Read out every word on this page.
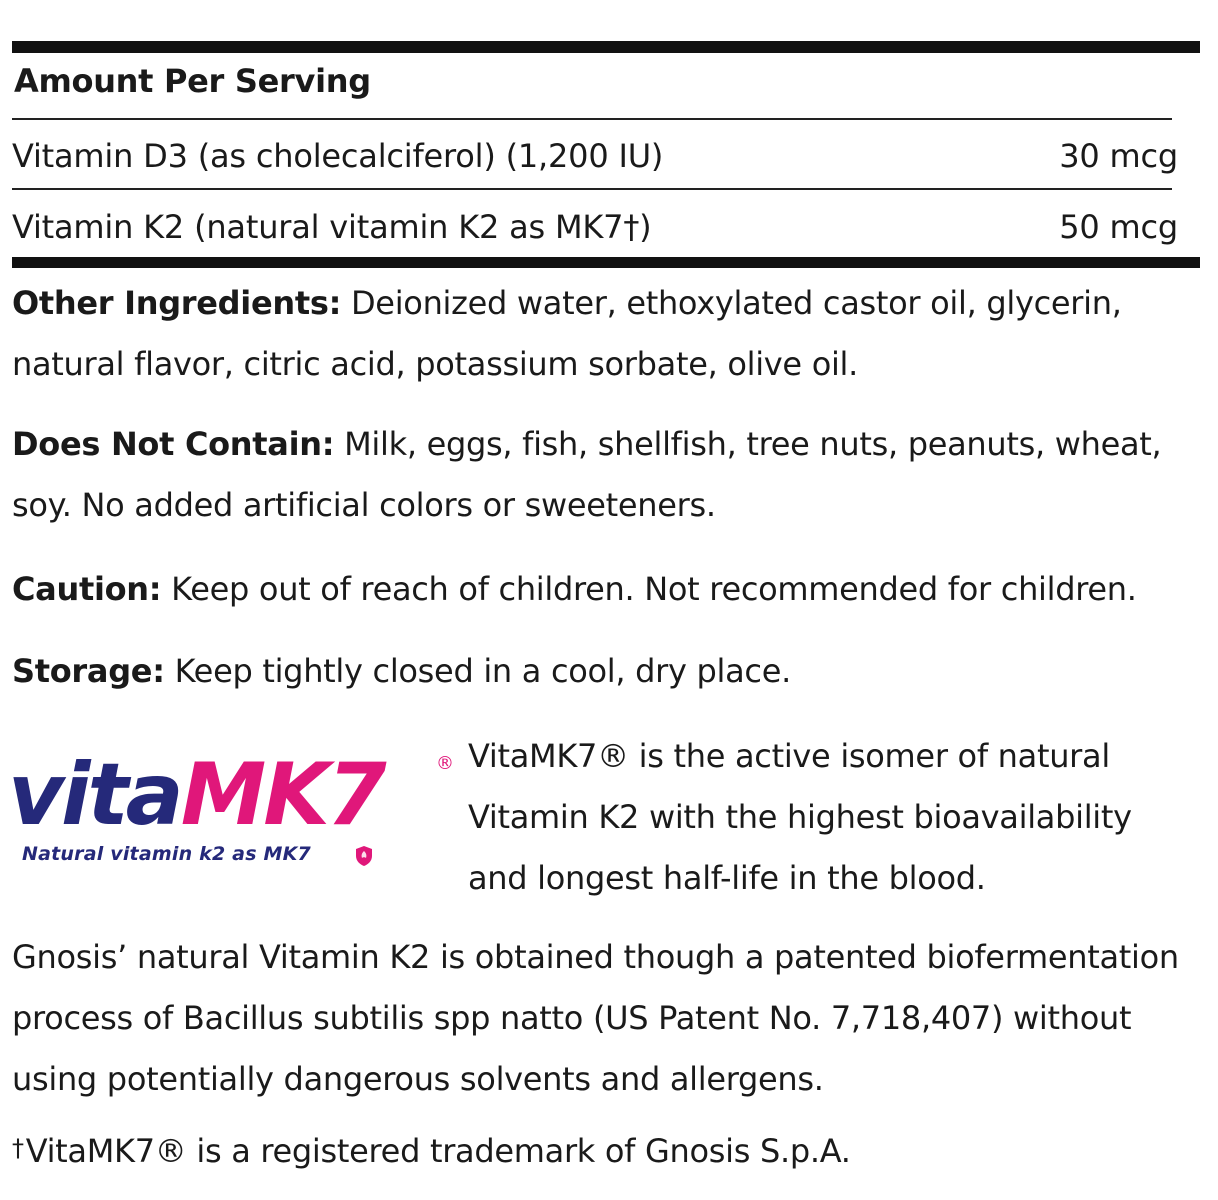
Amount Per Serving
Vitamin D3 (as cholecalciferol) (1,200 IU)	30 mcg
Vitamin K2 (natural vitamin K2 as MK7†)	50 mcg
Other Ingredients: Deionized water, ethoxylated castor oil, glycerin, natural flavor, citric acid, potassium sorbate, olive oil.
Does Not Contain: Milk, eggs, fish, shellfish, tree nuts, peanuts, wheat, soy. No added artificial colors or sweeteners.
Caution: Keep out of reach of children. Not recommended for children.
Storage: Keep tightly closed in a cool, dry place.
vitaMK7	®
Natural vitamin k2 as MK7
VitaMK7® is the active isomer of natural Vitamin K2 with the highest bioavailability and longest half-life in the blood.
Gnosis’ natural Vitamin K2 is obtained though a patented biofermentation process of Bacillus subtilis spp natto (US Patent No. 7,718,407) without using potentially dangerous solvents and allergens.
†VitaMK7® is a registered trademark of Gnosis S.p.A.
